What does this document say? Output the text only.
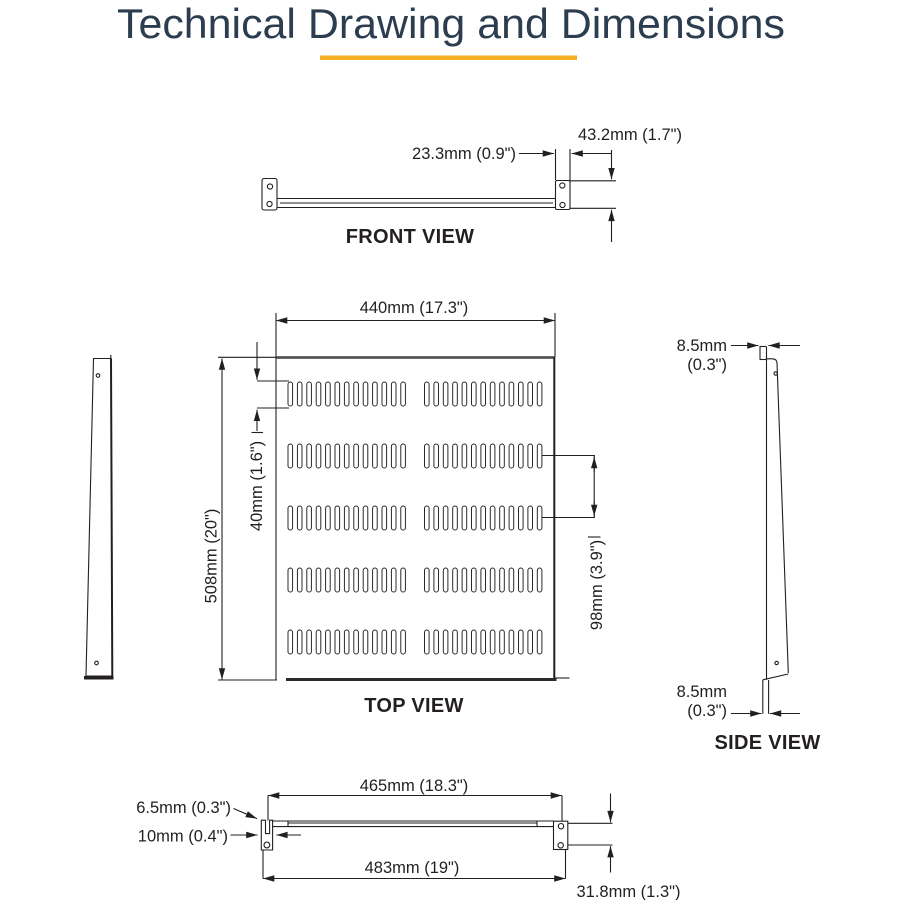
Technical Drawing and Dimensions
23.3mm (0.9")
43.2mm (1.7")
FRONT VIEW
440mm (17.3")
508mm (20")
40mm (1.6")
98mm (3.9")
TOP VIEW
8.5mm
(0.3")
8.5mm
(0.3")
SIDE VIEW
465mm (18.3")
6.5mm (0.3")
10mm (0.4")
483mm (19")
31.8mm (1.3")
